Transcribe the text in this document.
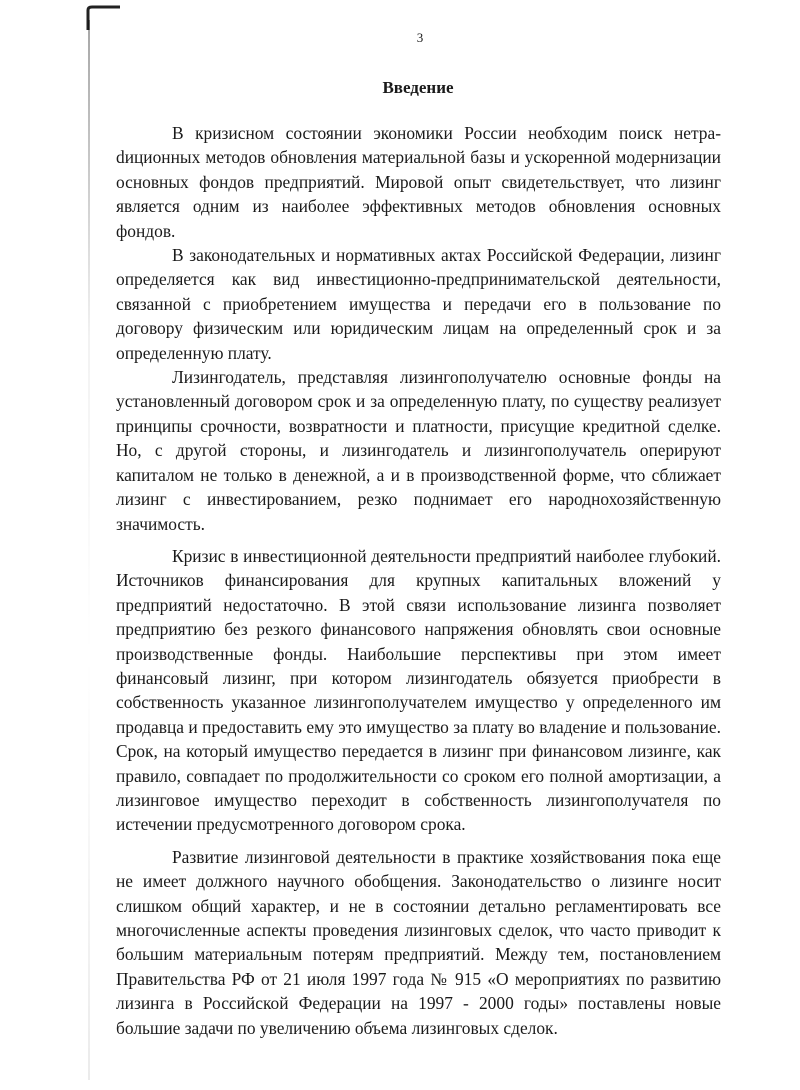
3
Введение

В кризисном состоянии экономики России необходим поиск нетраdиционных методов обновления материальной базы и ускоренной модернизации основных фондов предприятий. Мировой опыт свидетельствует, что лизинг является одним из наиболее эффективных методов обновления основных фондов.

В законодательных и нормативных актах Российской Федерации, лизинг определяется как вид инвестиционно-предпринимательской деятельности, связанной с приобретением имущества и передачи его в пользование по договору физическим или юридическим лицам на определенный срок и за определенную плату.

Лизингодатель, представляя лизингополучателю основные фонды на установленный договором срок и за определенную плату, по существу реализует принципы срочности, возвратности и платности, присущие кредитной сделке. Но, с другой стороны, и лизингодатель и лизингополучатель оперируют капиталом не только в денежной, а и в производственной форме, что сближает лизинг с инвестированием, резко поднимает его народнохозяйственную значимость.

Кризис в инвестиционной деятельности предприятий наиболее глубокий. Источников финансирования для крупных капитальных вложений у предприятий недостаточно. В этой связи использование лизинга позволяет предприятию без резкого финансового напряжения обновлять свои основные производственные фонды. Наибольшие перспективы при этом имеет финансовый лизинг, при котором лизингодатель обязуется приобрести в собственность указанное лизингополучателем имущество у определенного им продавца и предоставить ему это имущество за плату во владение и пользование. Срок, на который имущество передается в лизинг при финансовом лизинге, как правило, совпадает по продолжительности со сроком его полной амортизации, а лизинговое имущество переходит в собственность лизингополучателя по истечении предусмотренного договором срока.

Развитие лизинговой деятельности в практике хозяйствования пока еще не имеет должного научного обобщения. Законодательство о лизинге носит слишком общий характер, и не в состоянии детально регламентировать все многочисленные аспекты проведения лизинговых сделок, что часто приводит к большим материальным потерям предприятий. Между тем, постановлением Правительства РФ от 21 июля 1997 года № 915 «О мероприятиях по развитию лизинга в Российской Федерации на 1997 - 2000 годы» поставлены новые большие задачи по увеличению объема лизинговых сделок.
